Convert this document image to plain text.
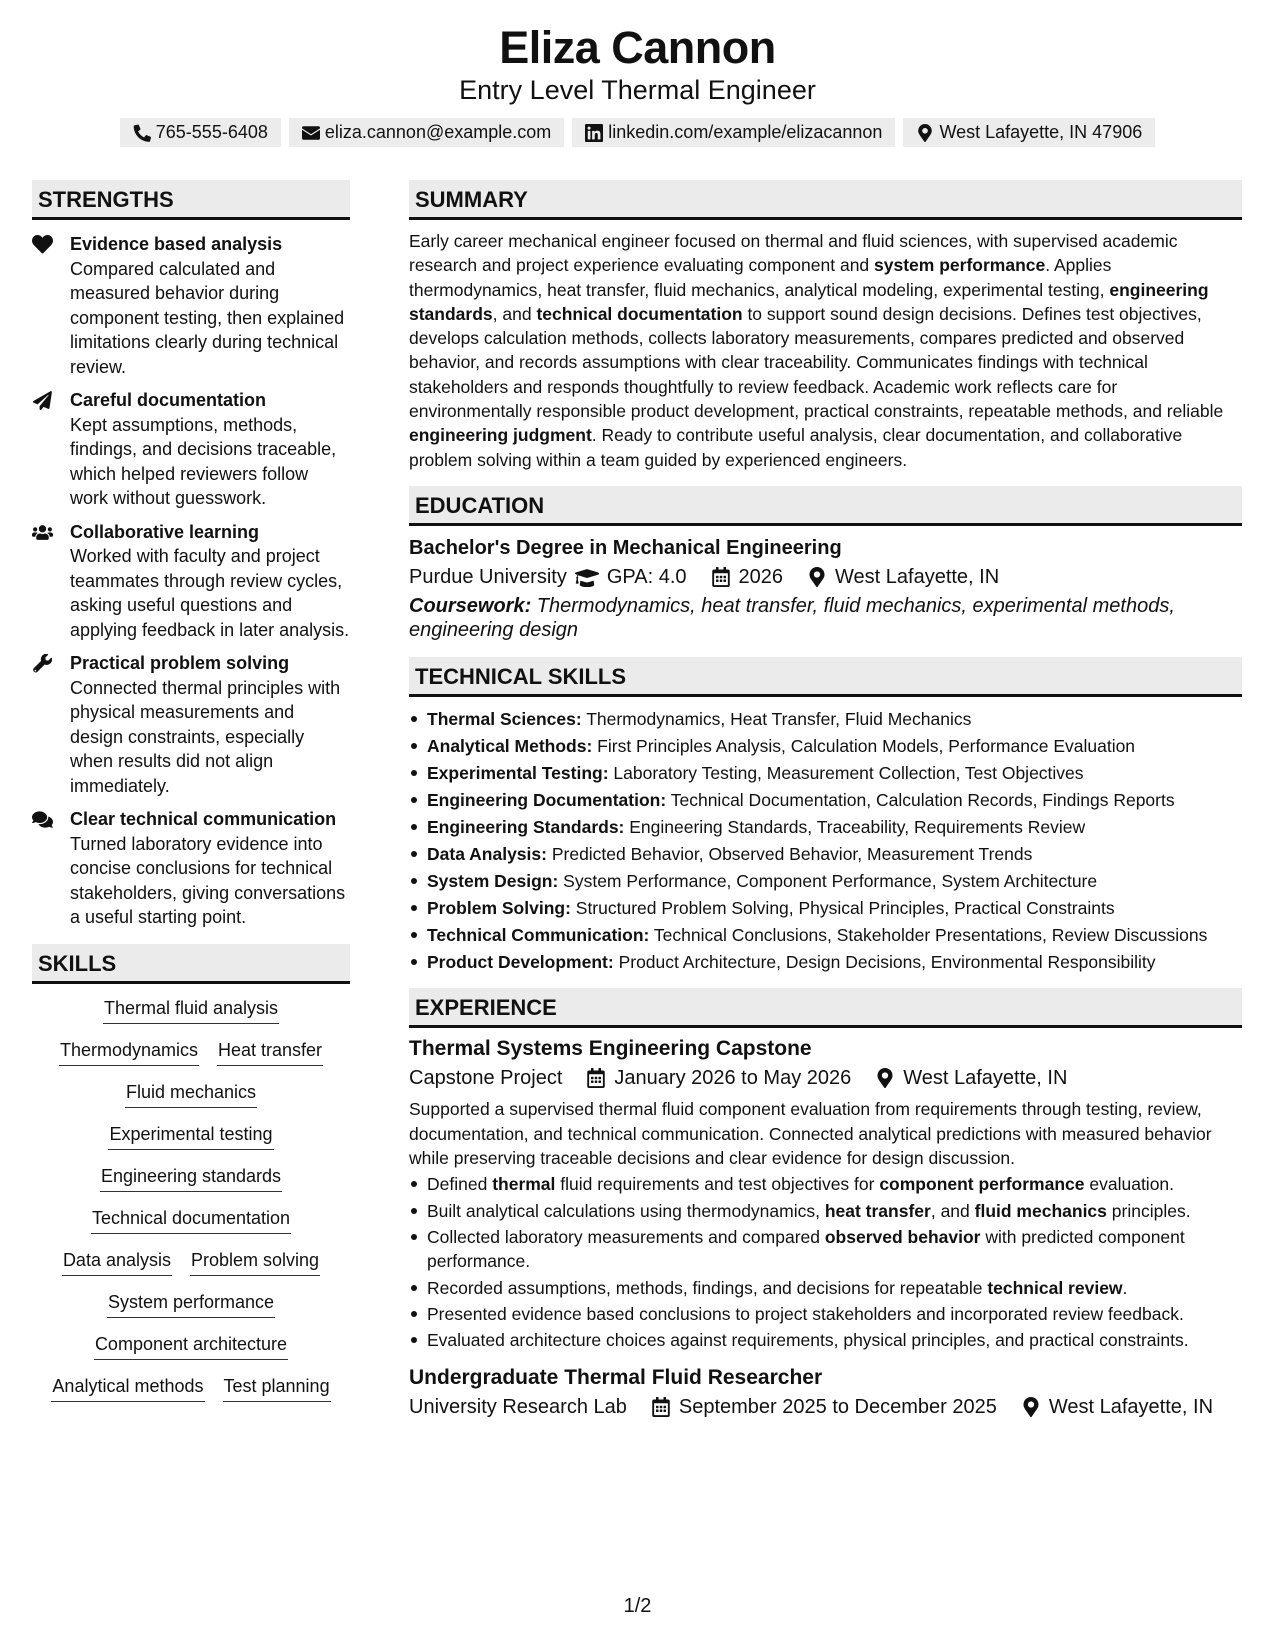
Eliza Cannon
Entry Level Thermal Engineer
765-555-6408	eliza.cannon@example.com	linkedin.com/example/elizacannon	West Lafayette, IN 47906
STRENGTHS
Evidence based analysis
Compared calculated and measured behavior during component testing, then explained limitations clearly during technical review.
Careful documentation
Kept assumptions, methods, findings, and decisions traceable, which helped reviewers follow work without guesswork.
Collaborative learning
Worked with faculty and project teammates through review cycles, asking useful questions and applying feedback in later analysis.
Practical problem solving
Connected thermal principles with physical measurements and design constraints, especially when results did not align immediately.
Clear technical communication
Turned laboratory evidence into concise conclusions for technical stakeholders, giving conversations a useful starting point.
SKILLS
Thermal fluid analysis
Thermodynamics Heat transfer
Fluid mechanics
Experimental testing
Engineering standards
Technical documentation
Data analysis Problem solving
System performance
Component architecture
Analytical methods Test planning
SUMMARY
Early career mechanical engineer focused on thermal and fluid sciences, with supervised academic research and project experience evaluating component and system performance. Applies thermodynamics, heat transfer, fluid mechanics, analytical modeling, experimental testing, engineering standards, and technical documentation to support sound design decisions. Defines test objectives, develops calculation methods, collects laboratory measurements, compares predicted and observed behavior, and records assumptions with clear traceability. Communicates findings with technical stakeholders and responds thoughtfully to review feedback. Academic work reflects care for environmentally responsible product development, practical constraints, repeatable methods, and reliable engineering judgment. Ready to contribute useful analysis, clear documentation, and collaborative problem solving within a team guided by experienced engineers.
EDUCATION
Bachelor's Degree in Mechanical Engineering
Purdue University GPA: 4.0	2026	West Lafayette, IN
Coursework: Thermodynamics, heat transfer, fluid mechanics, experimental methods, engineering design
TECHNICAL SKILLS
Thermal Sciences: Thermodynamics, Heat Transfer, Fluid Mechanics
Analytical Methods: First Principles Analysis, Calculation Models, Performance Evaluation
Experimental Testing: Laboratory Testing, Measurement Collection, Test Objectives
Engineering Documentation: Technical Documentation, Calculation Records, Findings Reports
Engineering Standards: Engineering Standards, Traceability, Requirements Review
Data Analysis: Predicted Behavior, Observed Behavior, Measurement Trends
System Design: System Performance, Component Performance, System Architecture
Problem Solving: Structured Problem Solving, Physical Principles, Practical Constraints
Technical Communication: Technical Conclusions, Stakeholder Presentations, Review Discussions
Product Development: Product Architecture, Design Decisions, Environmental Responsibility
EXPERIENCE
Thermal Systems Engineering Capstone
Capstone Project	January 2026 to May 2026	West Lafayette, IN
Supported a supervised thermal fluid component evaluation from requirements through testing, review, documentation, and technical communication. Connected analytical predictions with measured behavior while preserving traceable decisions and clear evidence for design discussion.
Defined thermal fluid requirements and test objectives for component performance evaluation.
Built analytical calculations using thermodynamics, heat transfer, and fluid mechanics principles.
Collected laboratory measurements and compared observed behavior with predicted component performance.
Recorded assumptions, methods, findings, and decisions for repeatable technical review.
Presented evidence based conclusions to project stakeholders and incorporated review feedback.
Evaluated architecture choices against requirements, physical principles, and practical constraints.
Undergraduate Thermal Fluid Researcher
University Research Lab	September 2025 to December 2025	West Lafayette, IN
1/2
